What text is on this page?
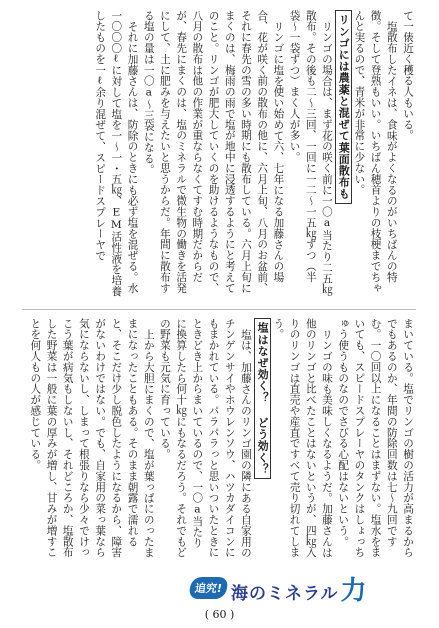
て一俵近く穫る人もいる。

塩散布したイネは、食味がよくなるのがいちばんの特徴。そして登熟もいい。いちばん穂首よりの枝梗までちゃんと実るので、青米が非常に少ない。

リンゴには農薬と混ぜて葉面散布も

リンゴの場合は、まず花の咲く前に一〇a当たり二五㎏散布。その後も二〜三回、一回に一二〜一五㎏ずつ（半袋〜一袋ずつ）まく人が多い。

リンゴに塩を使い始めて六、七年になる加藤さんの場合、花が咲く前の散布の他に、六月上旬、八月のお盆前、それに春先の雪の多い時期にも散布している。六月上旬にまくのは、梅雨の雨で塩が地中に浸透するようにと考えてのこと。リンゴが肥大していくのを助けるようなもので、八月の散布は他の作業が重ならなくてすむ時期だからだが、春先にまくのは、塩のミネラルで微生物の働きを活発にして、土に肥みを与えたいと思うからだ。年間に散布する塩の量は一〇a〜三袋になる。

それに加藤さんは、防除のときにも必ず塩を混ぜる。水一〇〇〇ℓに対して塩を一〜一・五㎏、EM活性液を培養したものを一ℓ余り混ぜて、スピードスプレーヤで

まいている。塩でリンゴの樹の活力が高まるからでもあるのか、年間の防除回数は七〜九回ですむ。一〇回以上になることはまずない。塩水をまいても、スピードスプレーヤのタンクはしょっちゅう使うものなのでさびる心配はないという。

リンゴの味も美味しくなるようだ。加藤さんは他のリンゴと比べたことはないというが、四㎏入りのリンゴは直売や産直ですべて売り切れてしまう。

塩はなぜ効く？ どう効く？

塩は、加藤さんのリンゴ園の隣にある自家用のチンゲンサイやホウレンソウ、ハツカダイコンにもまかれている。パラパラっと思いついたときにときどき上からまいているので、一〇a当たりに換算したら何十㎏にもなるだろう。それでもどの野菜も元気に育っている。

上から大胆にまくので、塩が葉っぱにのったままになったこともある。そのまま朝露で濡れると、そこだけ少し脱色したようになるから、障害がないわけではない。でも、自家用の菜っ葉なら気にならないし、しまって根張りなら少々でけっこう葉が病気もしないし、それどころか、塩散布した野菜は一般に葉の厚みが増し、甘みが増すことを何人もの人が感じている。

追究! 海のミネラル力
( 60 )
